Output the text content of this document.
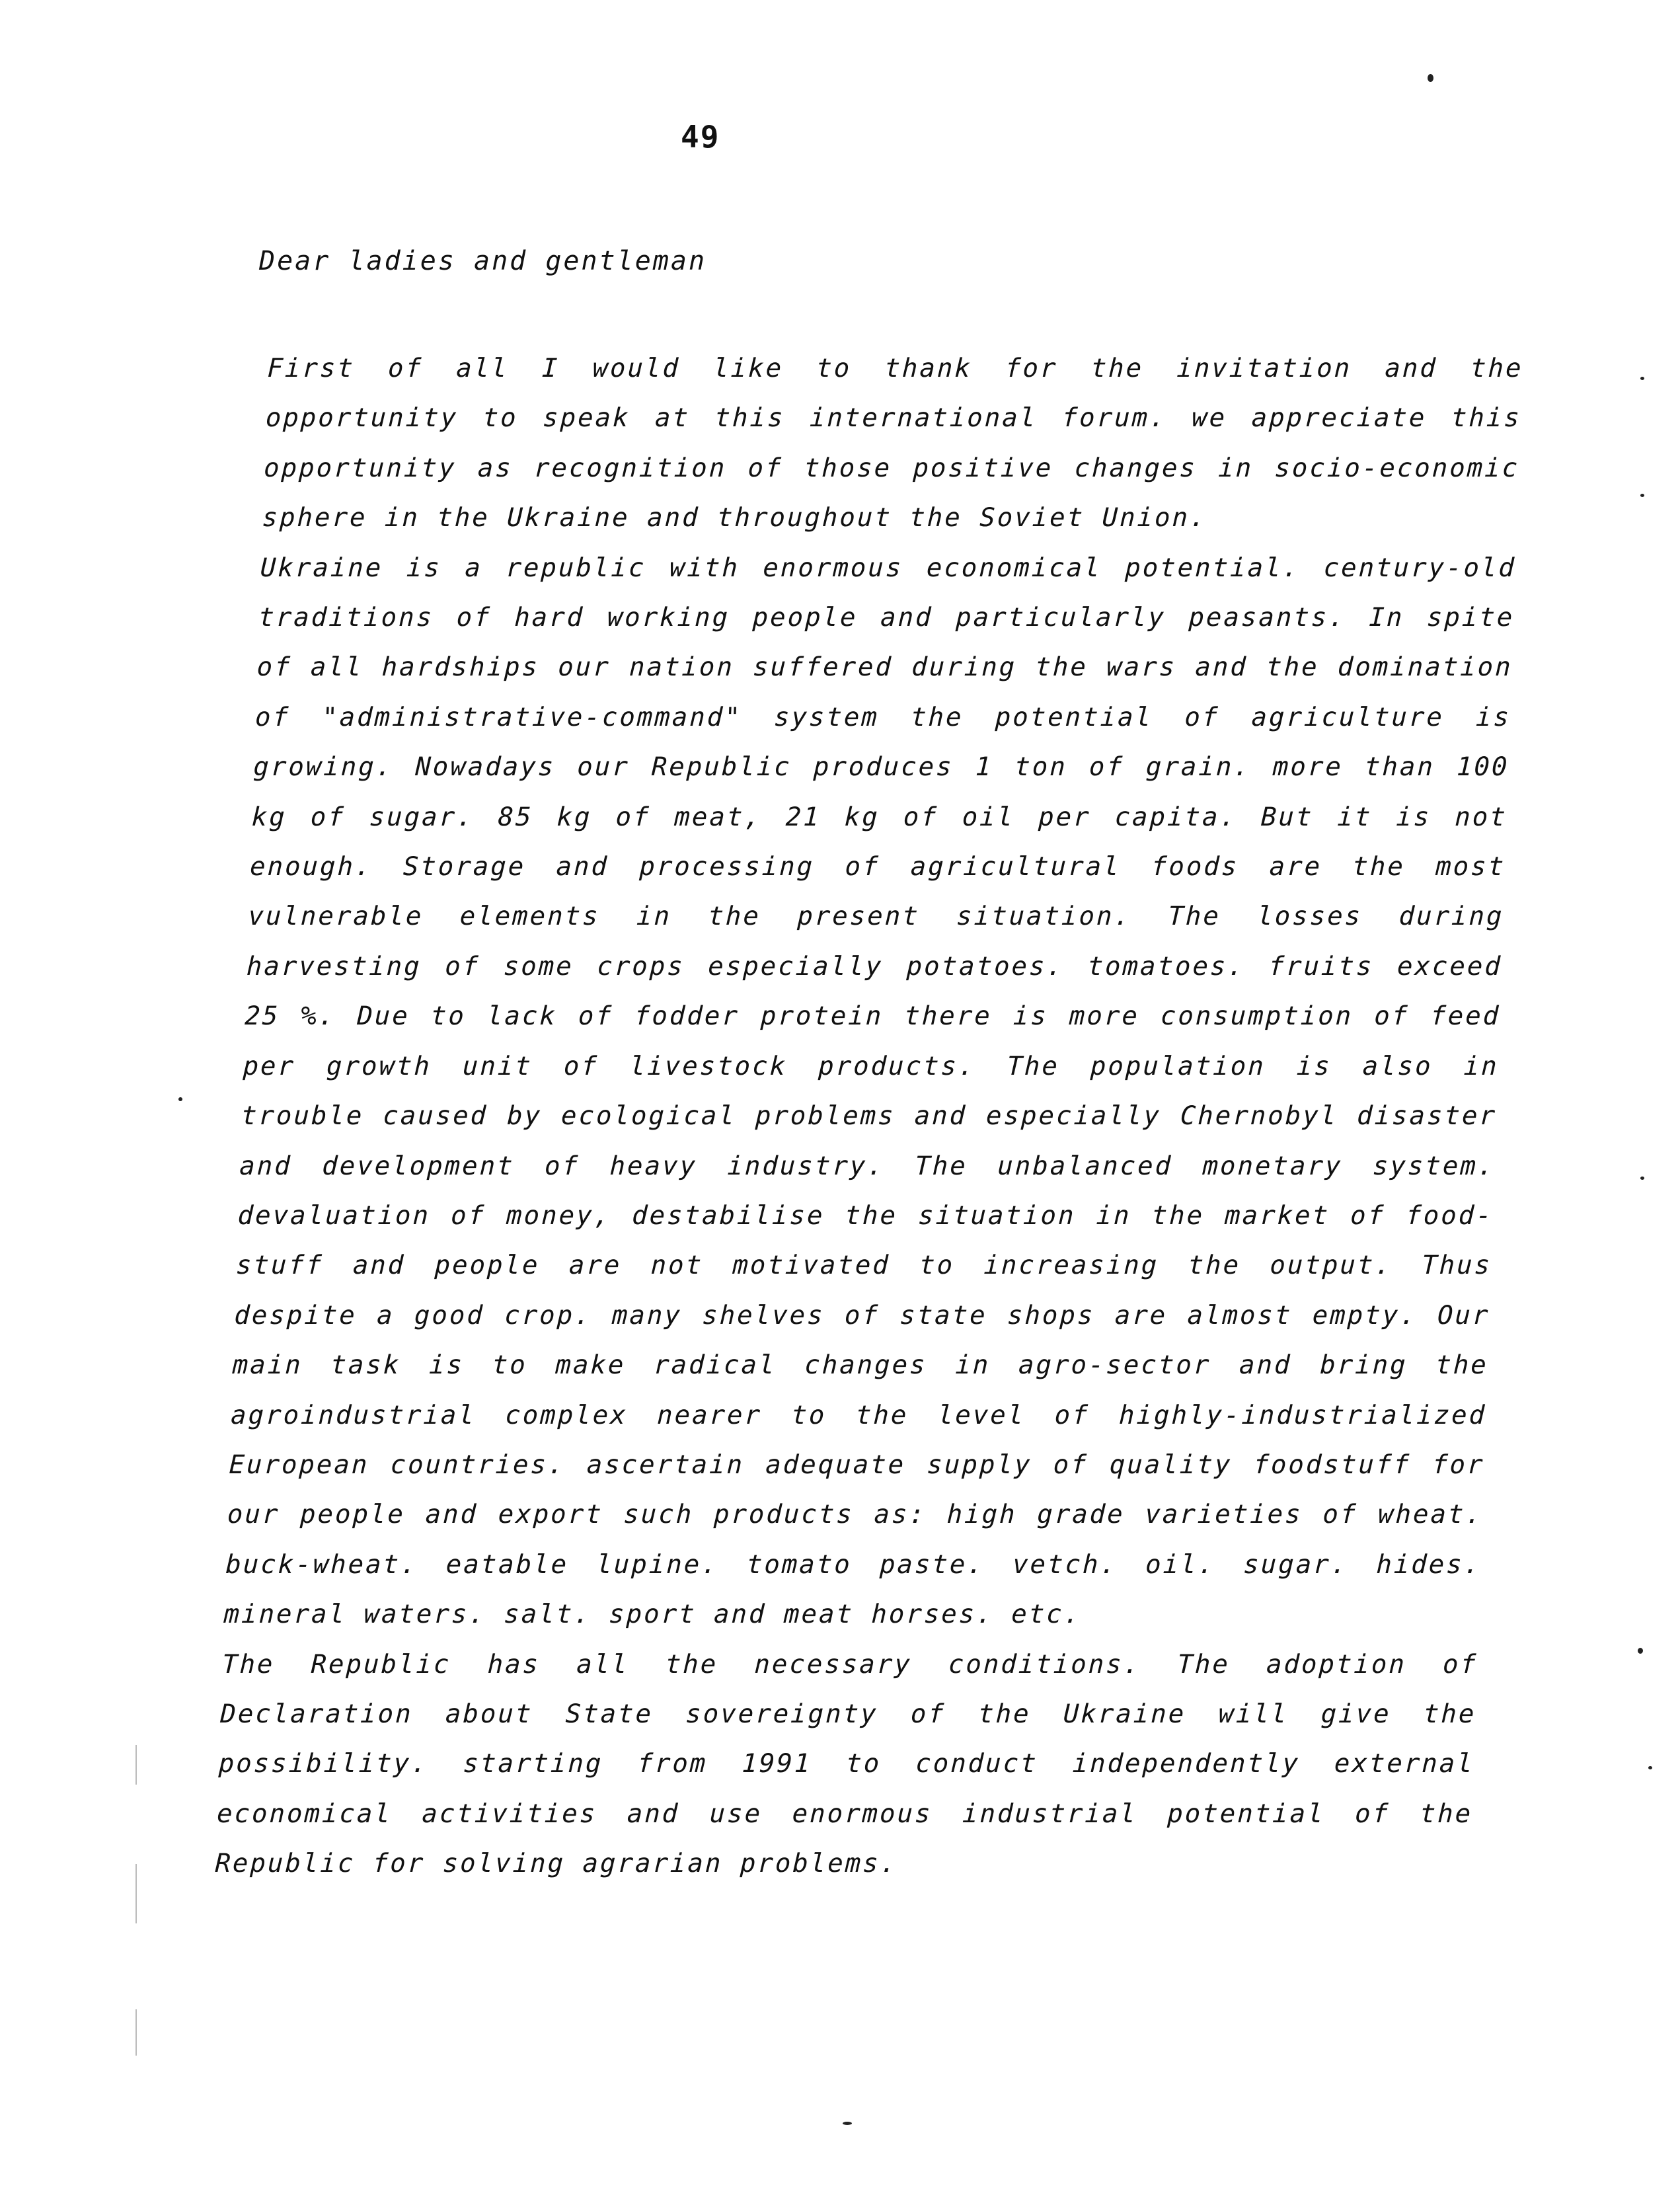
49
Dear ladies and gentleman

First of all I would like to thank for the invitation and the opportunity to speak at this international forum. we appreciate this opportunity as recognition of those positive changes in socio-economic sphere in the Ukraine and throughout the Soviet Union.

Ukraine is a republic with enormous economical potential. century-old traditions of hard working people and particularly peasants. In spite of all hardships our nation suffered during the wars and the domination of "administrative-command" system the potential of agriculture is growing. Nowadays our Republic produces 1 ton of grain. more than 100 kg of sugar. 85 kg of meat, 21 kg of oil per capita. But it is not enough. Storage and processing of agricultural foods are the most vulnerable elements in the present situation. The losses during harvesting of some crops especially potatoes. tomatoes. fruits exceed 25 %. Due to lack of fodder protein there is more consumption of feed per growth unit of livestock products. The population is also in trouble caused by ecological problems and especially Chernobyl disaster and development of heavy industry. The unbalanced monetary system. devaluation of money, destabilise the situation in the market of food-stuff and people are not motivated to increasing the output. Thus despite a good crop. many shelves of state shops are almost empty. Our main task is to make radical changes in agro-sector and bring the agroindustrial complex nearer to the level of highly-industrialized European countries. ascertain adequate supply of quality foodstuff for our people and export such products as: high grade varieties of wheat. buck-wheat. eatable lupine. tomato paste. vetch. oil. sugar. hides. mineral waters. salt. sport and meat horses. etc.

The Republic has all the necessary conditions. The adoption of Declaration about State sovereignty of the Ukraine will give the possibility. starting from 1991 to conduct independently external economical activities and use enormous industrial potential of the Republic for solving agrarian problems.
